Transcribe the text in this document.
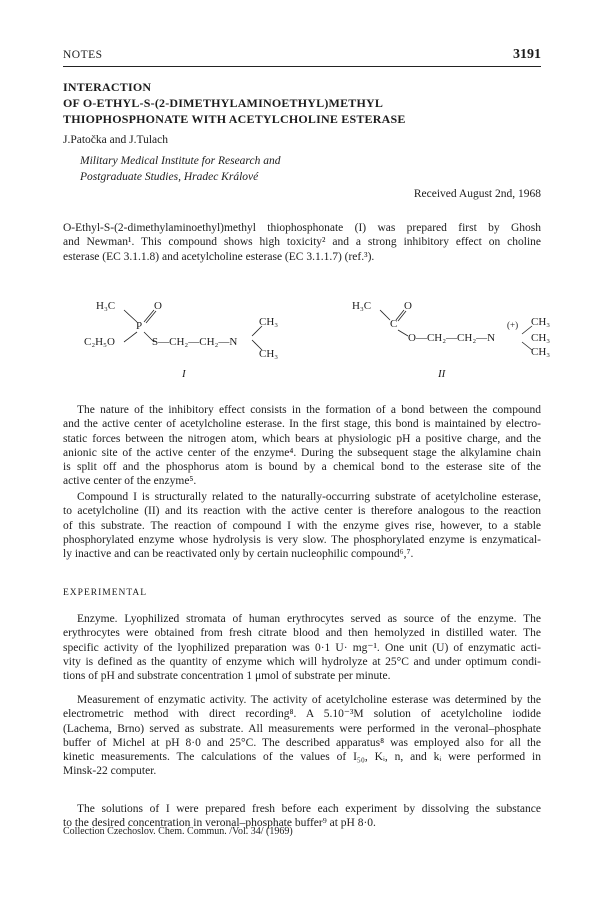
NOTES	3191
INTERACTION
OF O-ETHYL-S-(2-DIMETHYLAMINOETHYL)METHYL
THIOPHOSPHONATE WITH ACETYLCHOLINE ESTERASE
J.Patočka and J.Tulach
Military Medical Institute for Research and
Postgraduate Studies, Hradec Králové
Received August 2nd, 1968
O-Ethyl-S-(2-dimethylaminoethyl)methyl thiophosphonate (I) was prepared first by Ghosh
and Newman¹. This compound shows high toxicity² and a strong inhibitory effect on choline
esterase (EC 3.1.1.8) and acetylcholine esterase (EC 3.1.1.7) (ref.³).
H₃C	O
P
C₂H₅O	S—CH₂—CH₂—N
CH₃
CH₃
I
H₃C	O
C
O—CH₂—CH₂—N
(+) CH₃
CH₃
CH₃
II
The nature of the inhibitory effect consists in the formation of a bond between the compound
and the active center of acetylcholine esterase. In the first stage, this bond is maintained by electro-
static forces between the nitrogen atom, which bears at physiologic pH a positive charge, and the
anionic site of the active center of the enzyme⁴. During the subsequent stage the alkylamine chain
is split off and the phosphorus atom is bound by a chemical bond to the esterase site of the
active center of the enzyme⁵.
Compound I is structurally related to the naturally-occurring substrate of acetylcholine esterase,
to acetylcholine (II) and its reaction with the active center is therefore analogous to the reaction
of this substrate. The reaction of compound I with the enzyme gives rise, however, to a stable
phosphorylated enzyme whose hydrolysis is very slow. The phosphorylated enzyme is enzymatical-
ly inactive and can be reactivated only by certain nucleophilic compound⁶,⁷.
EXPERIMENTAL
Enzyme. Lyophilized stromata of human erythrocytes served as source of the enzyme. The
erythrocytes were obtained from fresh citrate blood and then hemolyzed in distilled water. The
specific activity of the lyophilized preparation was 0·1 U· mg⁻¹. One unit (U) of enzymatic acti-
vity is defined as the quantity of enzyme which will hydrolyze at 25°C and under optimum condi-
tions of pH and substrate concentration 1 μmol of substrate per minute.
Measurement of enzymatic activity. The activity of acetylcholine esterase was determined by the
electrometric method with direct recording⁸. A 5.10⁻³M solution of acetylcholine iodide
(Lachema, Brno) served as substrate. All measurements were performed in the veronal–phosphate
buffer of Michel at pH 8·0 and 25°C. The described apparatus⁸ was employed also for all the
kinetic measurements. The calculations of the values of I₅₀, Kᵢ, n, and kᵢ were performed in
Minsk-22 computer.
The solutions of I were prepared fresh before each experiment by dissolving the substance
to the desired concentration in veronal–phosphate buffer⁹ at pH 8·0.
Collection Czechoslov. Chem. Commun. /Vol. 34/ (1969)
